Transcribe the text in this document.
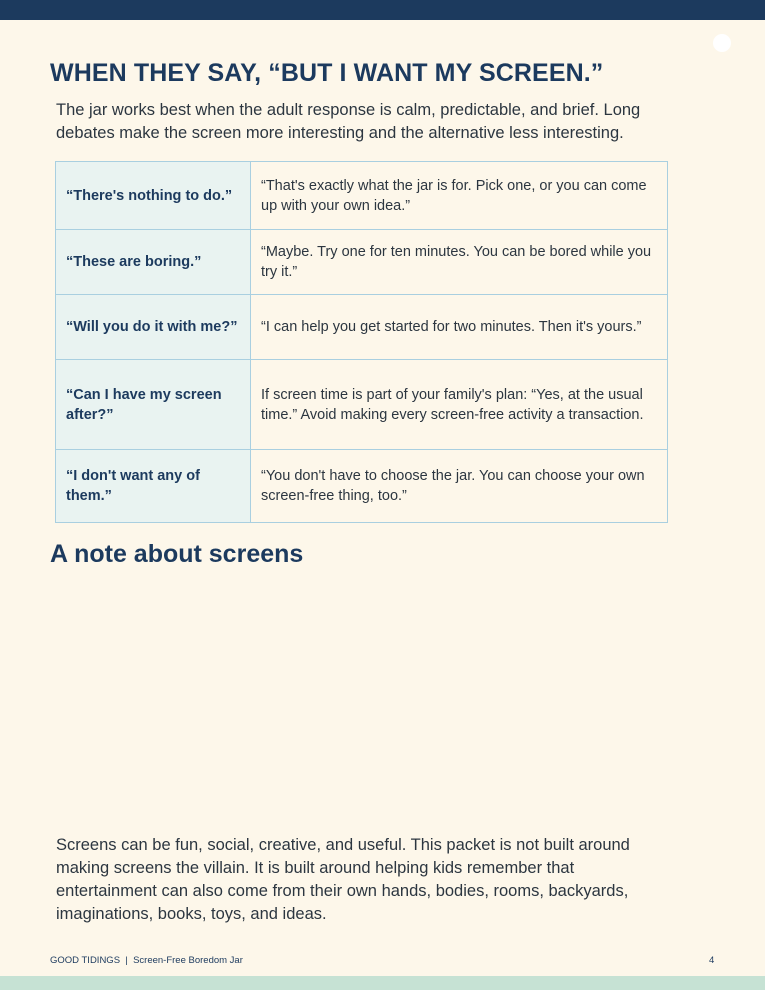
WHEN THEY SAY, “BUT I WANT MY SCREEN.”

The jar works best when the adult response is calm, predictable, and brief. Long debates make the screen more interesting and the alternative less interesting.

“There's nothing to do.”	“That's exactly what the jar is for. Pick one, or you can come up with your own idea.”
“These are boring.”	“Maybe. Try one for ten minutes. You can be bored while you try it.”
“Will you do it with me?”	“I can help you get started for two minutes. Then it's yours.”
“Can I have my screen after?”	If screen time is part of your family's plan: “Yes, at the usual time.” Avoid making every screen-free activity a transaction.
“I don't want any of them.”	“You don't have to choose the jar. You can choose your own screen-free thing, too.”
A note about screens

Screens can be fun, social, creative, and useful. This packet is not built around making screens the villain. It is built around helping kids remember that entertainment can also come from their own hands, bodies, rooms, backyards, imaginations, books, toys, and ideas.

GOOD TIDINGS | Screen-Free Boredom Jar	4
